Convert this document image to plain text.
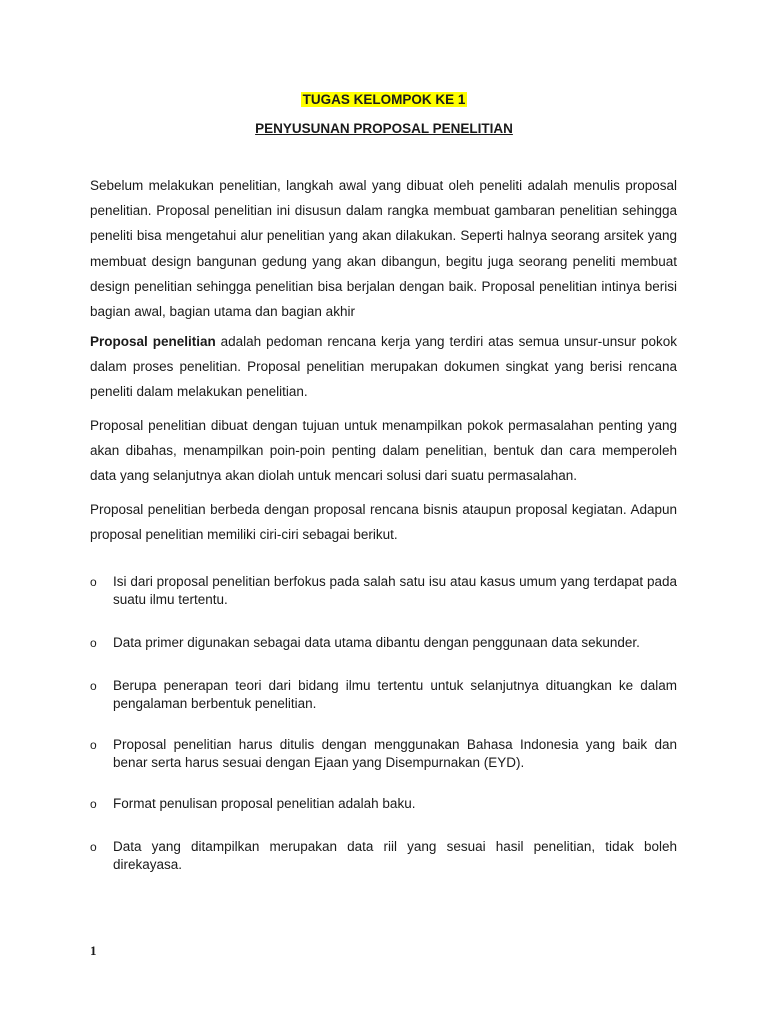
TUGAS KELOMPOK KE 1
PENYUSUNAN PROPOSAL PENELITIAN

Sebelum melakukan penelitian, langkah awal yang dibuat oleh peneliti adalah menulis proposal penelitian. Proposal penelitian ini disusun dalam rangka membuat gambaran penelitian sehingga peneliti bisa mengetahui alur penelitian yang akan dilakukan. Seperti halnya seorang arsitek yang membuat design bangunan gedung yang akan dibangun, begitu juga seorang peneliti membuat design penelitian sehingga penelitian bisa berjalan dengan baik. Proposal penelitian intinya berisi bagian awal, bagian utama dan bagian akhir

Proposal penelitian adalah pedoman rencana kerja yang terdiri atas semua unsur-unsur pokok dalam proses penelitian. Proposal penelitian merupakan dokumen singkat yang berisi rencana peneliti dalam melakukan penelitian.

Proposal penelitian dibuat dengan tujuan untuk menampilkan pokok permasalahan penting yang akan dibahas, menampilkan poin-poin penting dalam penelitian, bentuk dan cara memperoleh data yang selanjutnya akan diolah untuk mencari solusi dari suatu permasalahan.

Proposal penelitian berbeda dengan proposal rencana bisnis ataupun proposal kegiatan. Adapun proposal penelitian memiliki ciri-ciri sebagai berikut.

o Isi dari proposal penelitian berfokus pada salah satu isu atau kasus umum yang terdapat pada suatu ilmu tertentu.
o Data primer digunakan sebagai data utama dibantu dengan penggunaan data sekunder.
o Berupa penerapan teori dari bidang ilmu tertentu untuk selanjutnya dituangkan ke dalam pengalaman berbentuk penelitian.
o Proposal penelitian harus ditulis dengan menggunakan Bahasa Indonesia yang baik dan benar serta harus sesuai dengan Ejaan yang Disempurnakan (EYD).
o Format penulisan proposal penelitian adalah baku.
o Data yang ditampilkan merupakan data riil yang sesuai hasil penelitian, tidak boleh direkayasa.
1
